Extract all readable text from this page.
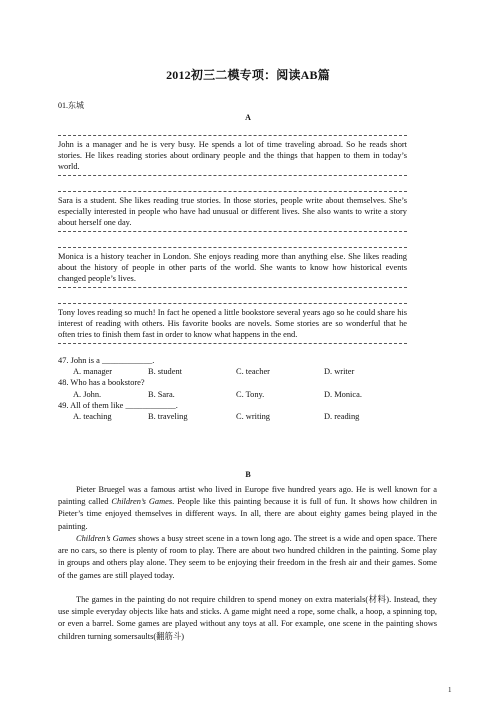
2012初三二模专项：阅读AB篇
01.东城
A
John is a manager and he is very busy. He spends a lot of time traveling abroad. So he reads short stories. He likes reading stories about ordinary people and the things that happen to them in today’s world.
Sara is a student. She likes reading true stories. In those stories, people write about themselves. She’s especially interested in people who have had unusual or different lives. She also wants to write a story about herself one day.
Monica is a history teacher in London. She enjoys reading more than anything else. She likes reading about the history of people in other parts of the world. She wants to know how historical events changed people’s lives.
Tony loves reading so much! In fact he opened a little bookstore several years ago so he could share his interest of reading with others. His favorite books are novels. Some stories are so wonderful that he often tries to finish them fast in order to know what happens in the end.
47. John is a ____________.
A. manager	B. student	C. teacher	D. writer
48. Who has a bookstore?
A. John.	B. Sara.	C. Tony.	D. Monica.
49. All of them like ____________.
A. teaching	B. traveling	C. writing	D. reading
B

Pieter Bruegel was a famous artist who lived in Europe five hundred years ago. He is well known for a painting called Children’s Games. People like this painting because it is full of fun. It shows how children in Pieter’s time enjoyed themselves in different ways. In all, there are about eighty games being played in the painting.

Children’s Games shows a busy street scene in a town long ago. The street is a wide and open space. There are no cars, so there is plenty of room to play. There are about two hundred children in the painting. Some play in groups and others play alone. They seem to be enjoying their freedom in the fresh air and their games. Some of the games are still played today.

The games in the painting do not require children to spend money on extra materials(材料). Instead, they use simple everyday objects like hats and sticks. A game might need a rope, some chalk, a hoop, a spinning top, or even a barrel. Some games are played without any toys at all. For example, one scene in the painting shows children turning somersaults(翻筋斗)

1
